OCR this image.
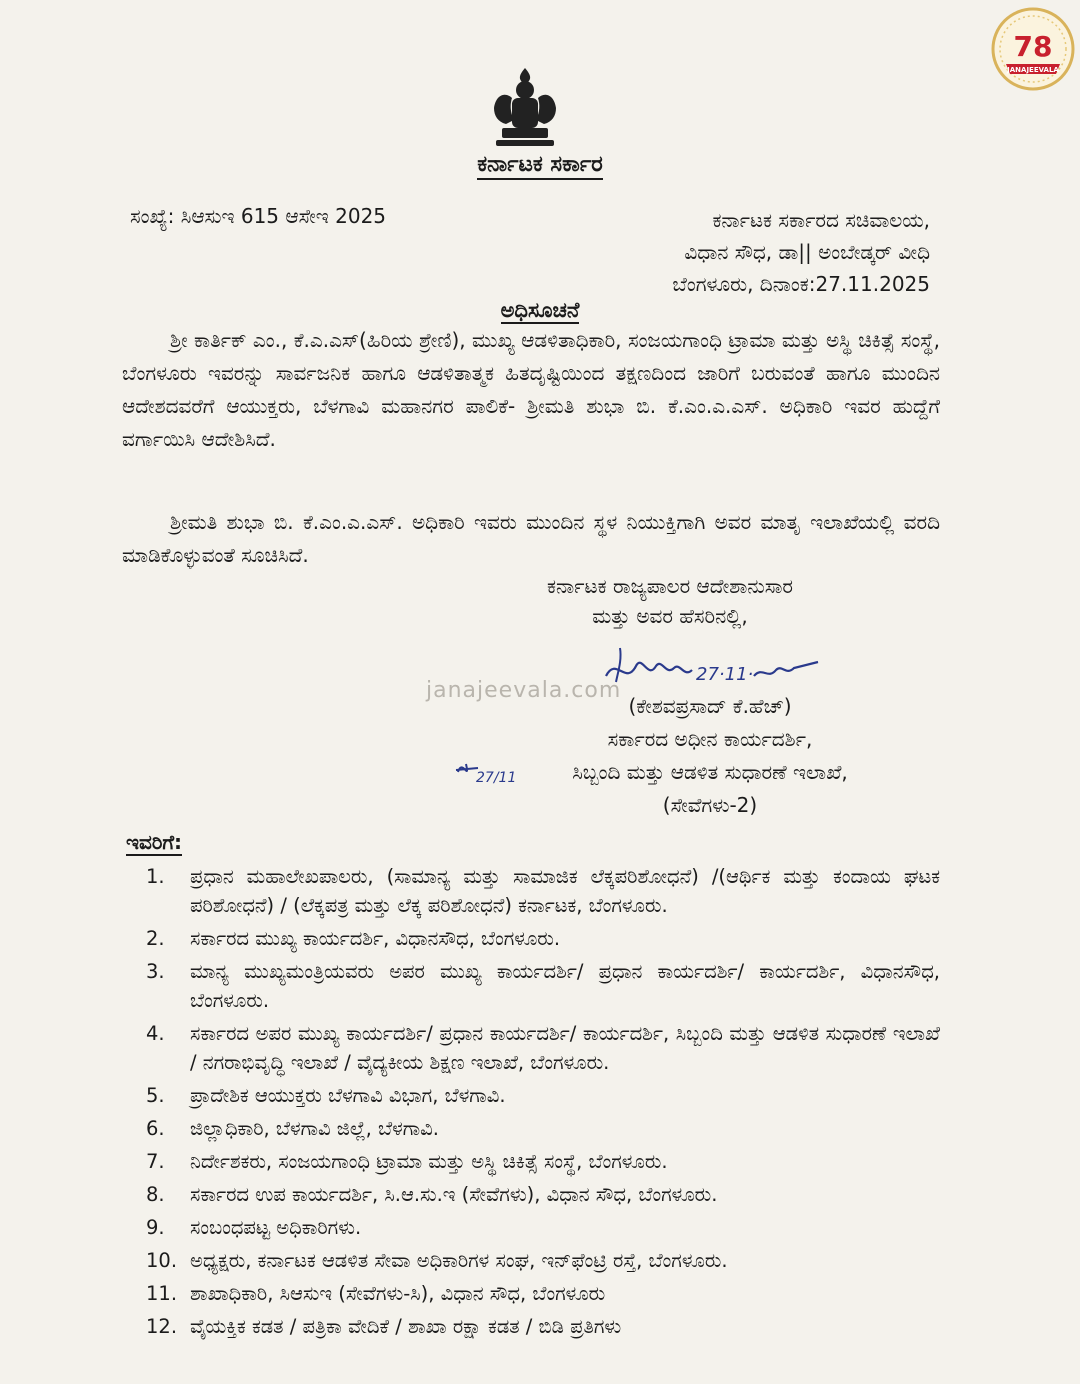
78
JANAJEEVALA
ಕರ್ನಾಟಕ ಸರ್ಕಾರ
ಸಂಖ್ಯೆ: ಸಿಆಸುಇ 615 ಆಸೇಇ 2025	ಕರ್ನಾಟಕ ಸರ್ಕಾರದ ಸಚಿವಾಲಯ,
ವಿಧಾನ ಸೌಧ, ಡಾ|| ಅಂಬೇಡ್ಕರ್ ವೀಧಿ
ಬೆಂಗಳೂರು, ದಿನಾಂಕ:27.11.2025
ಅಧಿಸೂಚನೆ
ಶ್ರೀ ಕಾರ್ತಿಕ್ ಎಂ., ಕೆ.ಎ.ಎಸ್(ಹಿರಿಯ ಶ್ರೇಣಿ), ಮುಖ್ಯ ಆಡಳಿತಾಧಿಕಾರಿ, ಸಂಜಯಗಾಂಧಿ ಟ್ರಾಮಾ ಮತ್ತು ಅಸ್ಥಿ ಚಿಕಿತ್ಸೆ ಸಂಸ್ಥೆ, ಬೆಂಗಳೂರು ಇವರನ್ನು ಸಾರ್ವಜನಿಕ ಹಾಗೂ ಆಡಳಿತಾತ್ಮಕ ಹಿತದೃಷ್ಟಿಯಿಂದ ತಕ್ಷಣದಿಂದ ಜಾರಿಗೆ ಬರುವಂತೆ ಹಾಗೂ ಮುಂದಿನ ಆದೇಶದವರೆಗೆ ಆಯುಕ್ತರು, ಬೆಳಗಾವಿ ಮಹಾನಗರ ಪಾಲಿಕೆ- ಶ್ರೀಮತಿ ಶುಭಾ ಬಿ. ಕೆ.ಎಂ.ಎ.ಎಸ್. ಅಧಿಕಾರಿ ಇವರ ಹುದ್ದೆಗೆ ವರ್ಗಾಯಿಸಿ ಆದೇಶಿಸಿದೆ.
ಶ್ರೀಮತಿ ಶುಭಾ ಬಿ. ಕೆ.ಎಂ.ಎ.ಎಸ್. ಅಧಿಕಾರಿ ಇವರು ಮುಂದಿನ ಸ್ಥಳ ನಿಯುಕ್ತಿಗಾಗಿ ಅವರ ಮಾತೃ ಇಲಾಖೆಯಲ್ಲಿ ವರದಿ ಮಾಡಿಕೊಳ್ಳುವಂತೆ ಸೂಚಿಸಿದೆ.
ಕರ್ನಾಟಕ ರಾಜ್ಯಪಾಲರ ಆದೇಶಾನುಸಾರ
ಮತ್ತು ಅವರ ಹೆಸರಿನಲ್ಲಿ,
27·11·
27/11
janajeevala.com
(ಕೇಶವಪ್ರಸಾದ್ ಕೆ.ಹೆಚ್)
ಸರ್ಕಾರದ ಅಧೀನ ಕಾರ್ಯದರ್ಶಿ,
ಸಿಬ್ಬಂದಿ ಮತ್ತು ಆಡಳಿತ ಸುಧಾರಣೆ ಇಲಾಖೆ,
(ಸೇವೆಗಳು-2)
ಇವರಿಗೆ:
1.	ಪ್ರಧಾನ ಮಹಾಲೇಖಪಾಲರು, (ಸಾಮಾನ್ಯ ಮತ್ತು ಸಾಮಾಜಿಕ ಲೆಕ್ಕಪರಿಶೋಧನೆ) /(ಆರ್ಥಿಕ ಮತ್ತು ಕಂದಾಯ ಘಟಕ ಪರಿಶೋಧನೆ) / (ಲೆಕ್ಕಪತ್ರ ಮತ್ತು ಲೆಕ್ಕ ಪರಿಶೋಧನೆ) ಕರ್ನಾಟಕ, ಬೆಂಗಳೂರು.
2.	ಸರ್ಕಾರದ ಮುಖ್ಯ ಕಾರ್ಯದರ್ಶಿ, ವಿಧಾನಸೌಧ, ಬೆಂಗಳೂರು.
3.	ಮಾನ್ಯ ಮುಖ್ಯಮಂತ್ರಿಯವರು ಅಪರ ಮುಖ್ಯ ಕಾರ್ಯದರ್ಶಿ/ ಪ್ರಧಾನ ಕಾರ್ಯದರ್ಶಿ/ ಕಾರ್ಯದರ್ಶಿ, ವಿಧಾನಸೌಧ, ಬೆಂಗಳೂರು.
4.	ಸರ್ಕಾರದ ಅಪರ ಮುಖ್ಯ ಕಾರ್ಯದರ್ಶಿ/ ಪ್ರಧಾನ ಕಾರ್ಯದರ್ಶಿ/ ಕಾರ್ಯದರ್ಶಿ, ಸಿಬ್ಬಂದಿ ಮತ್ತು ಆಡಳಿತ ಸುಧಾರಣೆ ಇಲಾಖೆ / ನಗರಾಭಿವೃದ್ಧಿ ಇಲಾಖೆ / ವೈದ್ಯಕೀಯ ಶಿಕ್ಷಣ ಇಲಾಖೆ, ಬೆಂಗಳೂರು.
5.	ಪ್ರಾದೇಶಿಕ ಆಯುಕ್ತರು ಬೆಳಗಾವಿ ವಿಭಾಗ, ಬೆಳಗಾವಿ.
6.	ಜಿಲ್ಲಾಧಿಕಾರಿ, ಬೆಳಗಾವಿ ಜಿಲ್ಲೆ, ಬೆಳಗಾವಿ.
7.	ನಿರ್ದೇಶಕರು, ಸಂಜಯಗಾಂಧಿ ಟ್ರಾಮಾ ಮತ್ತು ಅಸ್ಥಿ ಚಿಕಿತ್ಸೆ ಸಂಸ್ಥೆ, ಬೆಂಗಳೂರು.
8.	ಸರ್ಕಾರದ ಉಪ ಕಾರ್ಯದರ್ಶಿ, ಸಿ.ಆ.ಸು.ಇ (ಸೇವೆಗಳು), ವಿಧಾನ ಸೌಧ, ಬೆಂಗಳೂರು.
9.	ಸಂಬಂಧಪಟ್ಟ ಅಧಿಕಾರಿಗಳು.
10. ಅಧ್ಯಕ್ಷರು, ಕರ್ನಾಟಕ ಆಡಳಿತ ಸೇವಾ ಅಧಿಕಾರಿಗಳ ಸಂಘ, ಇನ್‌ಫೆಂಟ್ರಿ ರಸ್ತೆ, ಬೆಂಗಳೂರು.
11. ಶಾಖಾಧಿಕಾರಿ, ಸಿಆಸುಇ (ಸೇವೆಗಳು-ಸಿ), ವಿಧಾನ ಸೌಧ, ಬೆಂಗಳೂರು
12. ವೈಯಕ್ತಿಕ ಕಡತ / ಪತ್ರಿಕಾ ವೇದಿಕೆ / ಶಾಖಾ ರಕ್ಷಾ ಕಡತ / ಬಿಡಿ ಪ್ರತಿಗಳು
